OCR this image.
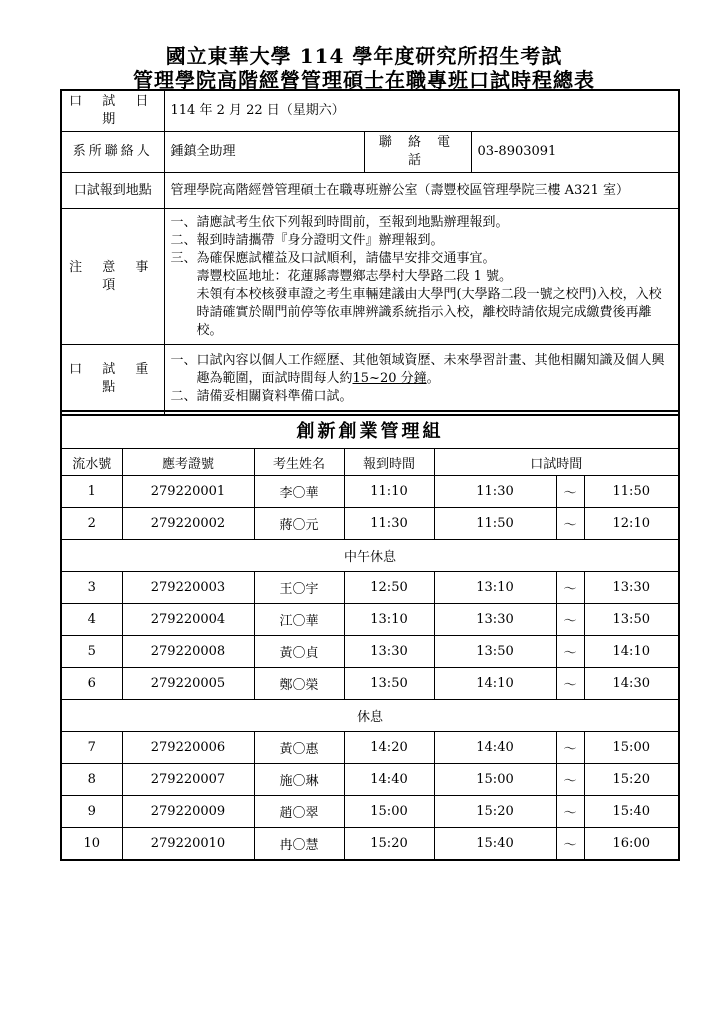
國立東華大學 114 學年度研究所招生考試
管理學院高階經營管理碩士在職專班口試時程總表
口 試 日 期	114 年 2 月 22 日（星期六）		
系所聯絡人	鍾鎮全助理	聯 絡 電 話	03-8903091
口試報到地點	管理學院高階經營管理碩士在職專班辦公室（壽豐校區管理學院三樓 A321 室）		
注 意 事 項	一、請應試考生依下列報到時間前，至報到地點辦理報到。
二、報到時請攜帶『身分證明文件』辦理報到。
三、為確保應試權益及口試順利，請儘早安排交通事宜。
壽豐校區地址：花蓮縣壽豐鄉志學村大學路二段 1 號。
未領有本校核發車證之考生車輛建議由大學門(大學路二段一號之校門)入校，入校時請確實於閘門前停等依車牌辨識系統指示入校，離校時請依規完成繳費後再離校。		

口 試 重 點	一、口試內容以個人工作經歷、其他領域資歷、未來學習計畫、其他相關知識及個人興趣為範圍，面試時間每人約15~20 分鐘。
二、請備妥相關資料準備口試。		
創新創業管理組						
流水號	應考證號	考生姓名	報到時間	口試時間		
1	279220001	李〇華	11:10	11:30	～	11:50
2	279220002	蔣〇元	11:30	11:50	～	12:10
中午休息						
3	279220003	王〇宇	12:50	13:10	～	13:30
4	279220004	江〇華	13:10	13:30	～	13:50
5	279220008	黃〇貞	13:30	13:50	～	14:10
6	279220005	鄭〇榮	13:50	14:10	～	14:30
休息						
7	279220006	黃〇惠	14:20	14:40	～	15:00
8	279220007	施〇琳	14:40	15:00	～	15:20
9	279220009	趙〇翠	15:00	15:20	～	15:40
10	279220010	冉〇慧	15:20	15:40	～	16:00
